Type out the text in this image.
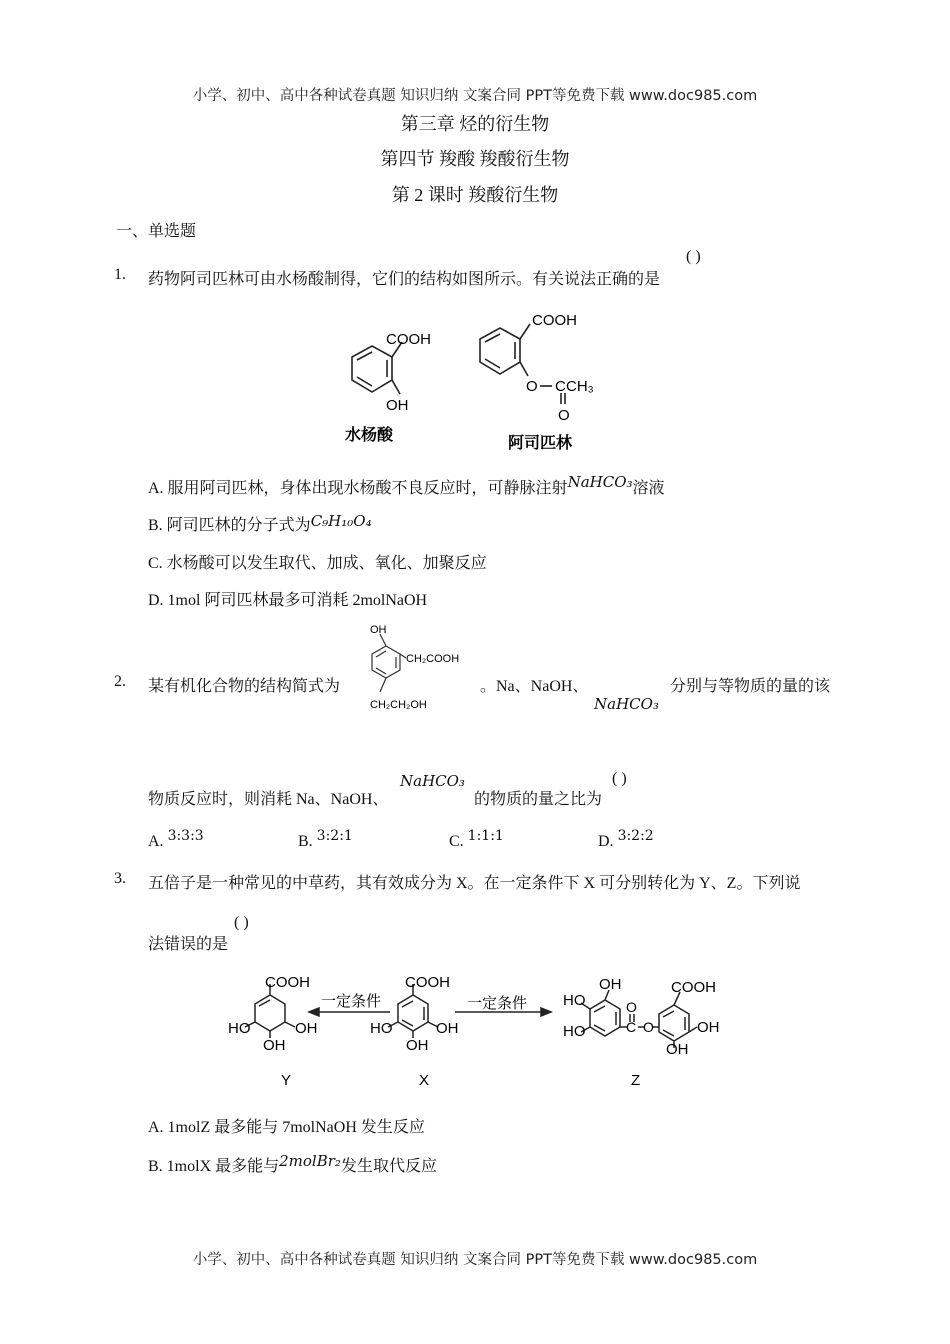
小学、初中、高中各种试卷真题 知识归纳 文案合同 PPT等免费下载 www.doc985.com
第三章 烃的衍生物
第四节 羧酸 羧酸衍生物
第 2 课时 羧酸衍生物
一、单选题
1. 药物阿司匹林可由水杨酸制得，它们的结构如图所示。有关说法正确的是
( )
COOH
OH
水杨酸
COOH
O C CH₃
O
阿司匹林
A. 服用阿司匹林，身体出现水杨酸不良反应时，可静脉注射NaHCO₃溶液
B. 阿司匹林的分子式为C₉H₁₀O₄
C. 水杨酸可以发生取代、加成、氧化、加聚反应
D. 1mol 阿司匹林最多可消耗 2molNaOH
2. 某有机化合物的结构简式为
OH
CH₂COOH
CH₂CH₂OH
。Na、NaOH、
NaHCO₃
分别与等物质的量的该
物质反应时，则消耗 Na、NaOH、
NaHCO₃
的物质的量之比为
( )
A. 3:3:3	B. 3:2:1	C. 1:1:1	D. 3:2:2
3. 五倍子是一种常见的中草药，其有效成分为 X。在一定条件下 X 可分别转化为 Y、Z。下列说
法错误的是
( )
COOH
HO	OH
OH
一定条件	一定条件
COOH
HO	OH
OH
OH
HO
HO
O
C O
COOH
OH
OH
Y	X	Z
A. 1molZ 最多能与 7molNaOH 发生反应
B. 1molX 最多能与2molBr₂发生取代反应
小学、初中、高中各种试卷真题 知识归纳 文案合同 PPT等免费下载 www.doc985.com
